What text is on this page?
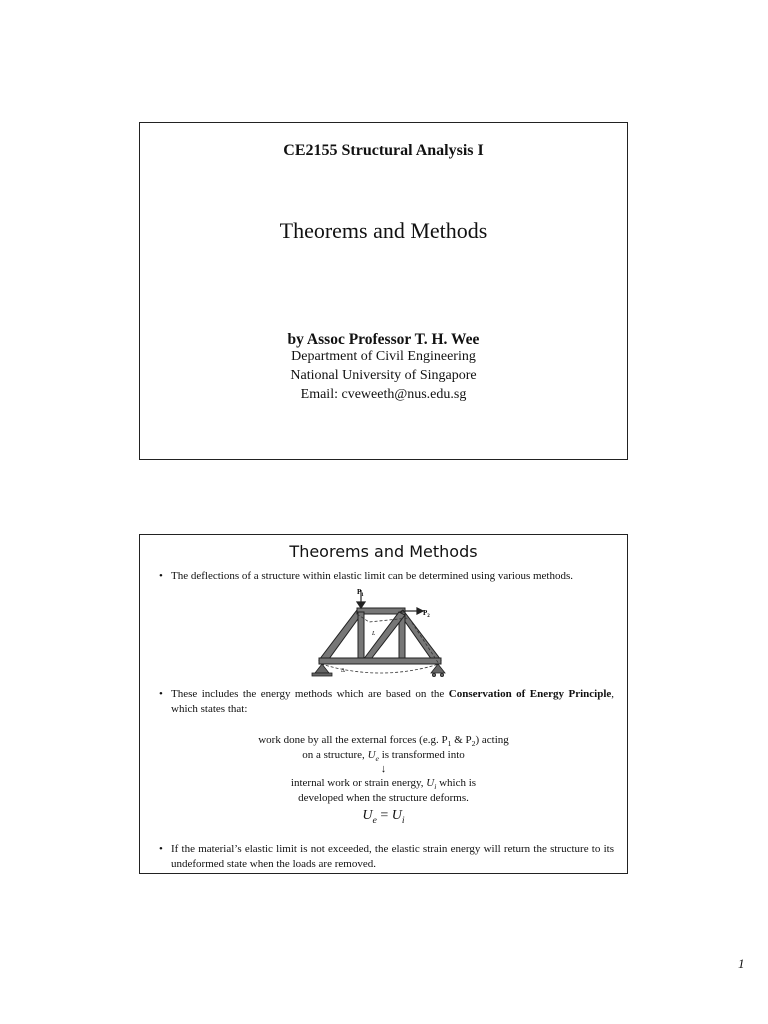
CE2155 Structural Analysis I
Theorems and Methods
by Assoc Professor T. H. Wee
Department of Civil Engineering
National University of Singapore
Email: cveweeth@nus.edu.sg
Theorems and Methods
• The deflections of a structure within elastic limit can be determined using various methods.
$P_1$
$P_2$
L
Δ
• These includes the energy methods which are based on the Conservation of Energy Principle, which states that:
work done by all the external forces (e.g. $P_1$ & $P_2$) acting
on a structure, $U_e$ is transformed into
↓
internal work or strain energy, $U_i$ which is
developed when the structure deforms.
$U_e = U_i$
• If the material’s elastic limit is not exceeded, the elastic strain energy will return the structure to its undeformed state when the loads are removed.
1
